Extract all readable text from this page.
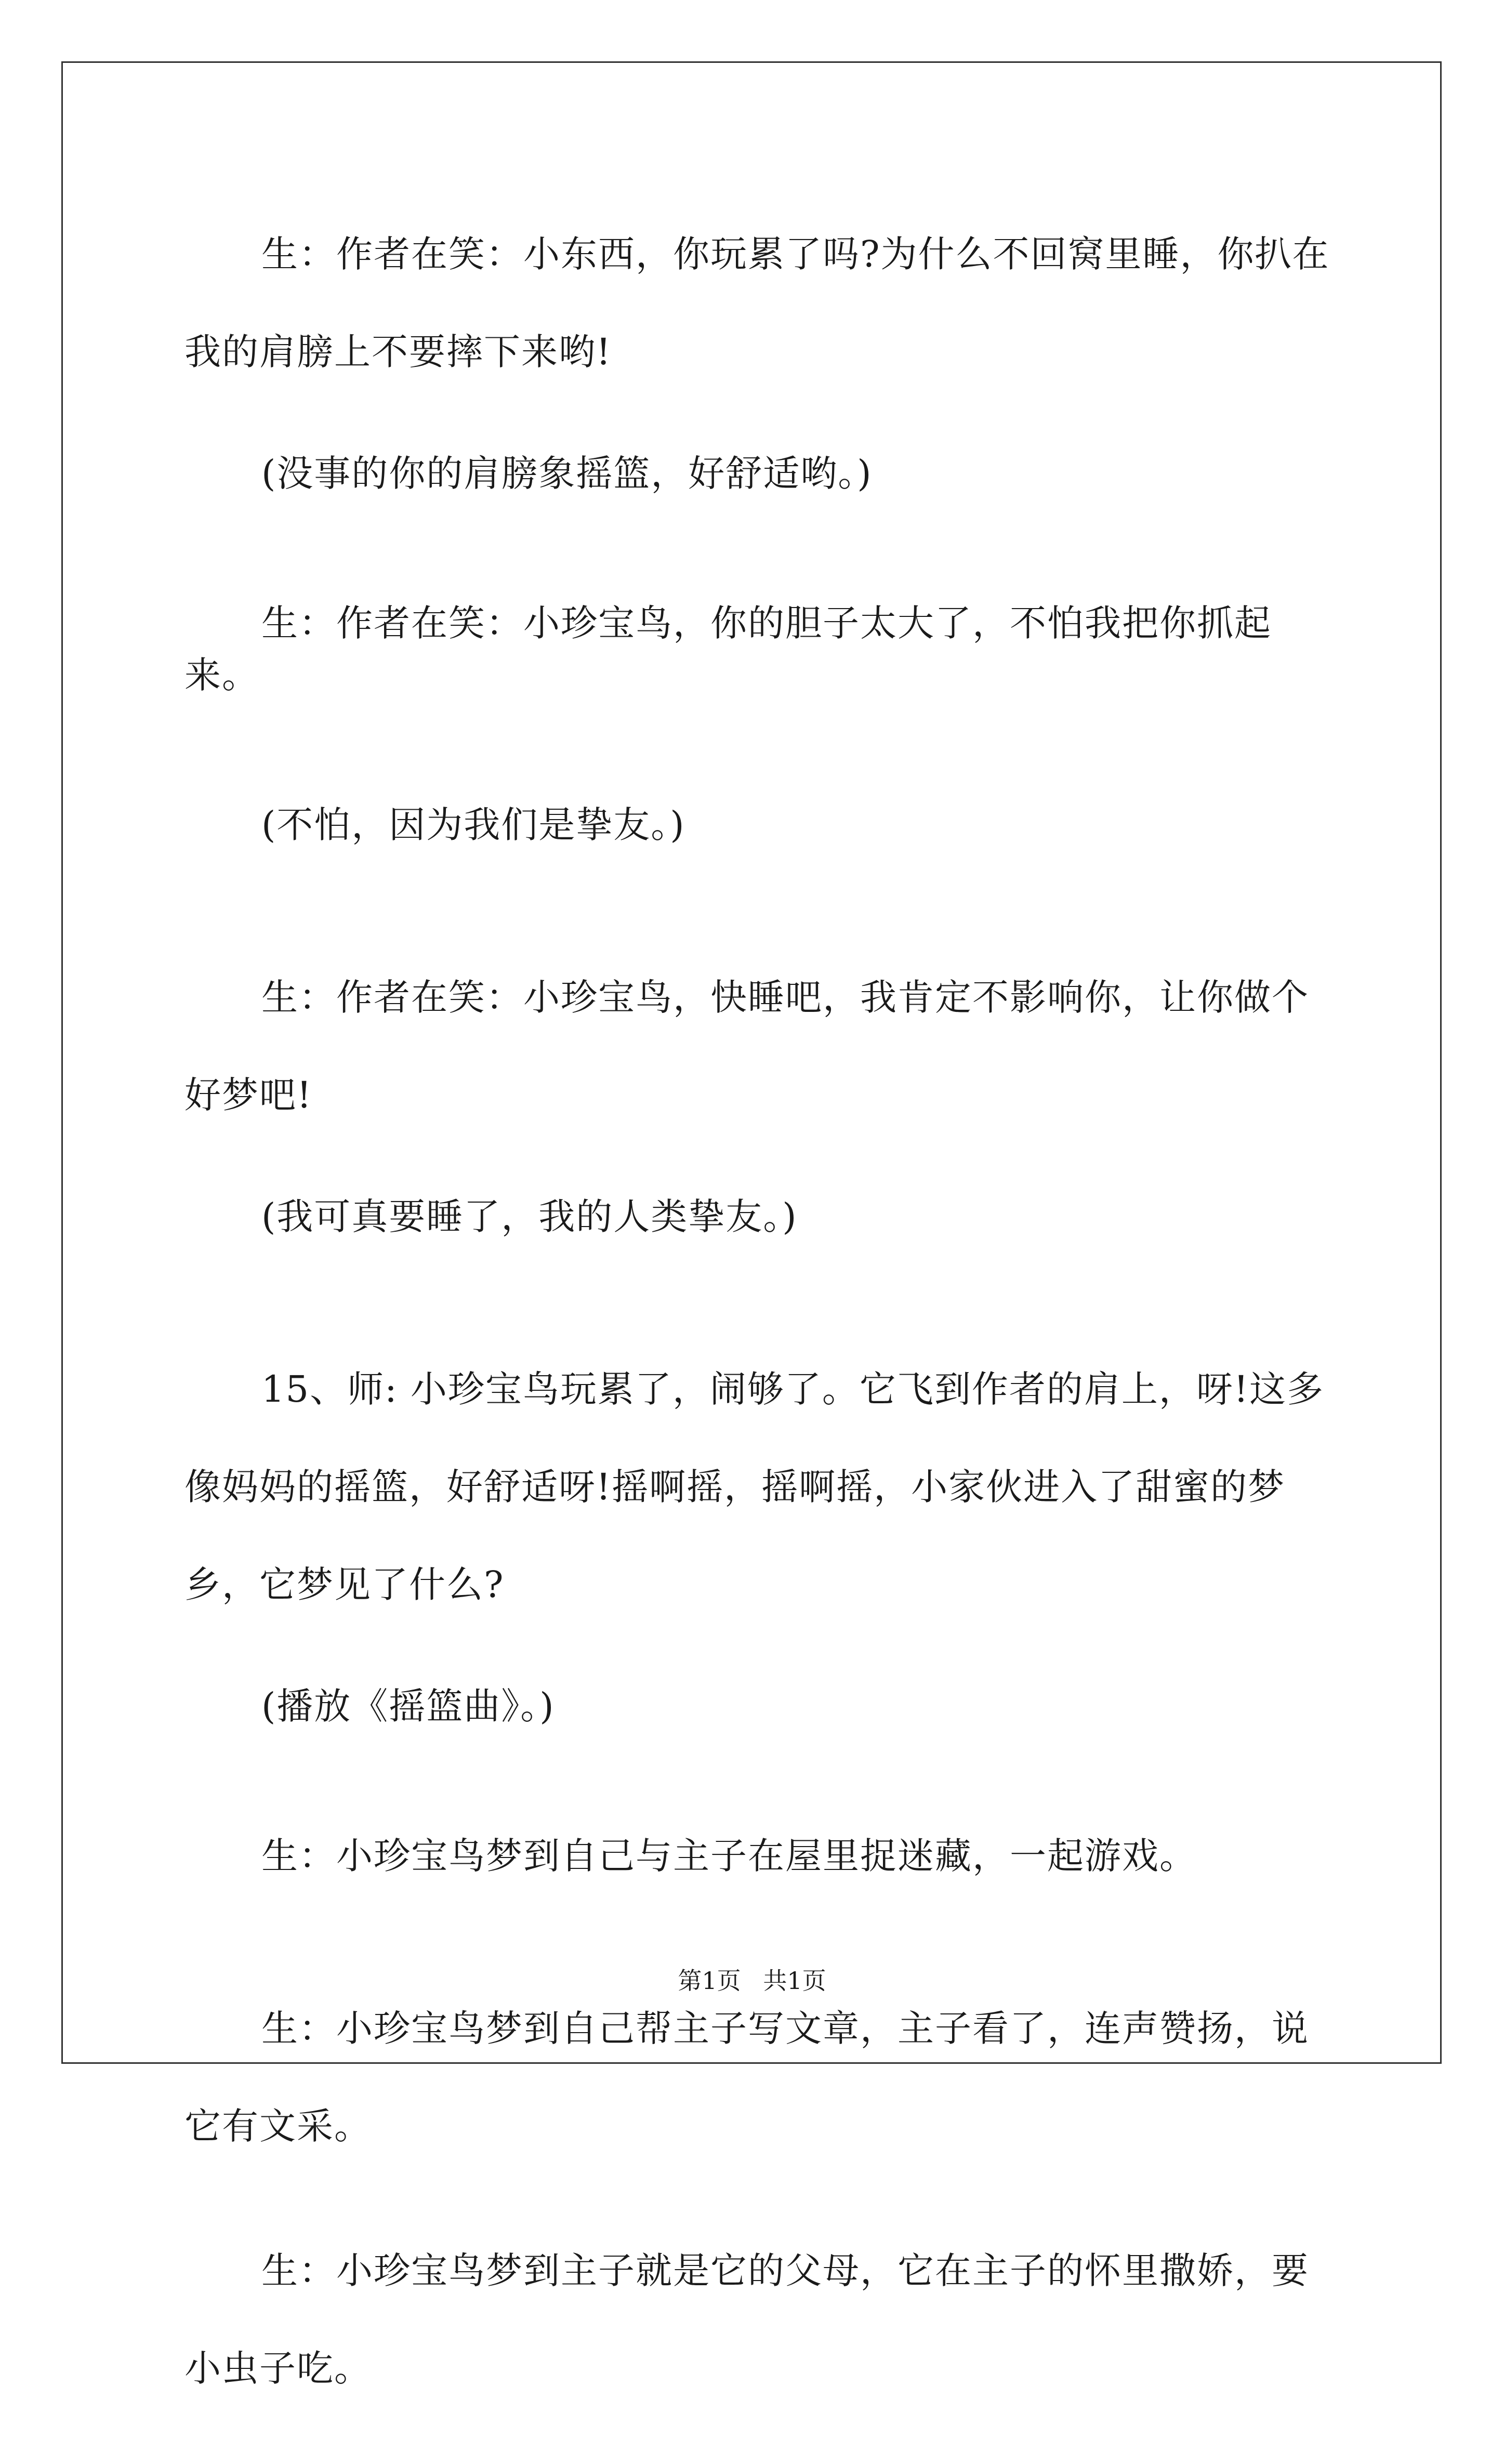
生：作者在笑：小东西，你玩累了吗?为什么不回窝里睡，你扒在我的肩膀上不要摔下来哟!

(没事的你的肩膀象摇篮，好舒适哟。)

生：作者在笑：小珍宝鸟，你的胆子太大了，不怕我把你抓起来。

(不怕，因为我们是挚友。)

生：作者在笑：小珍宝鸟，快睡吧，我肯定不影响你，让你做个好梦吧!

(我可真要睡了，我的人类挚友。)

15、师: 小珍宝鸟玩累了，闹够了。它飞到作者的肩上，呀!这多像妈妈的摇篮，好舒适呀!摇啊摇，摇啊摇，小家伙进入了甜蜜的梦乡，它梦见了什么?

(播放《摇篮曲》。)

生：小珍宝鸟梦到自己与主子在屋里捉迷藏，一起游戏。

生：小珍宝鸟梦到自己帮主子写文章，主子看了，连声赞扬，说它有文采。

生：小珍宝鸟梦到主子就是它的父母，它在主子的怀里撒娇，要小虫子吃。

第1页 共1页
